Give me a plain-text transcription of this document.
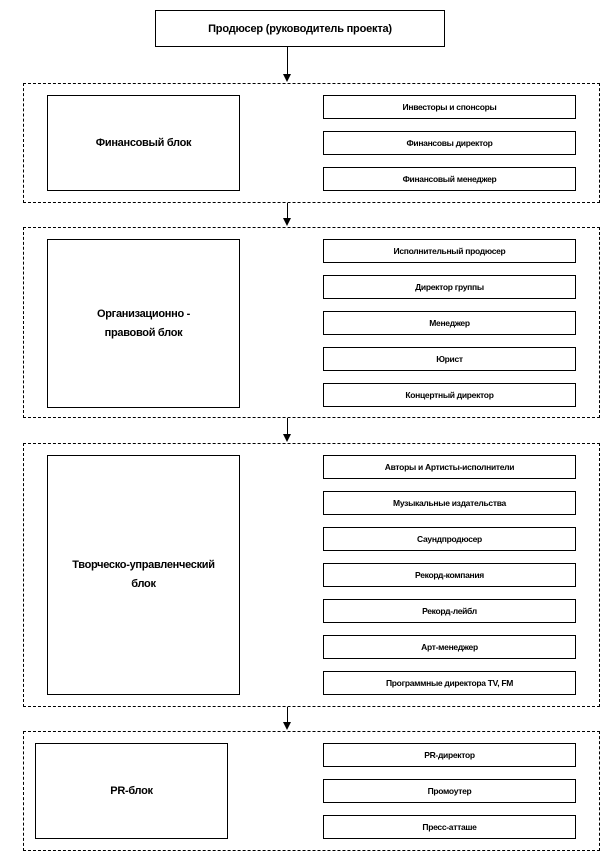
Продюсер (руководитель проекта)
Финансовый блок
Инвесторы и спонсоры
Финансовы директор
Финансовый менеджер
Организационно - правовой блок
Исполнительный продюсер
Директор группы
Менеджер
Юрист
Концертный директор
Творческо-управленческий блок
Авторы и Артисты-исполнители
Музыкальные издательства
Саундпродюсер
Рекорд-компания
Рекорд-лейбл
Арт-менеджер
Программные директора TV, FM
PR-блок
PR-директор
Промоутер
Пресс-атташе
